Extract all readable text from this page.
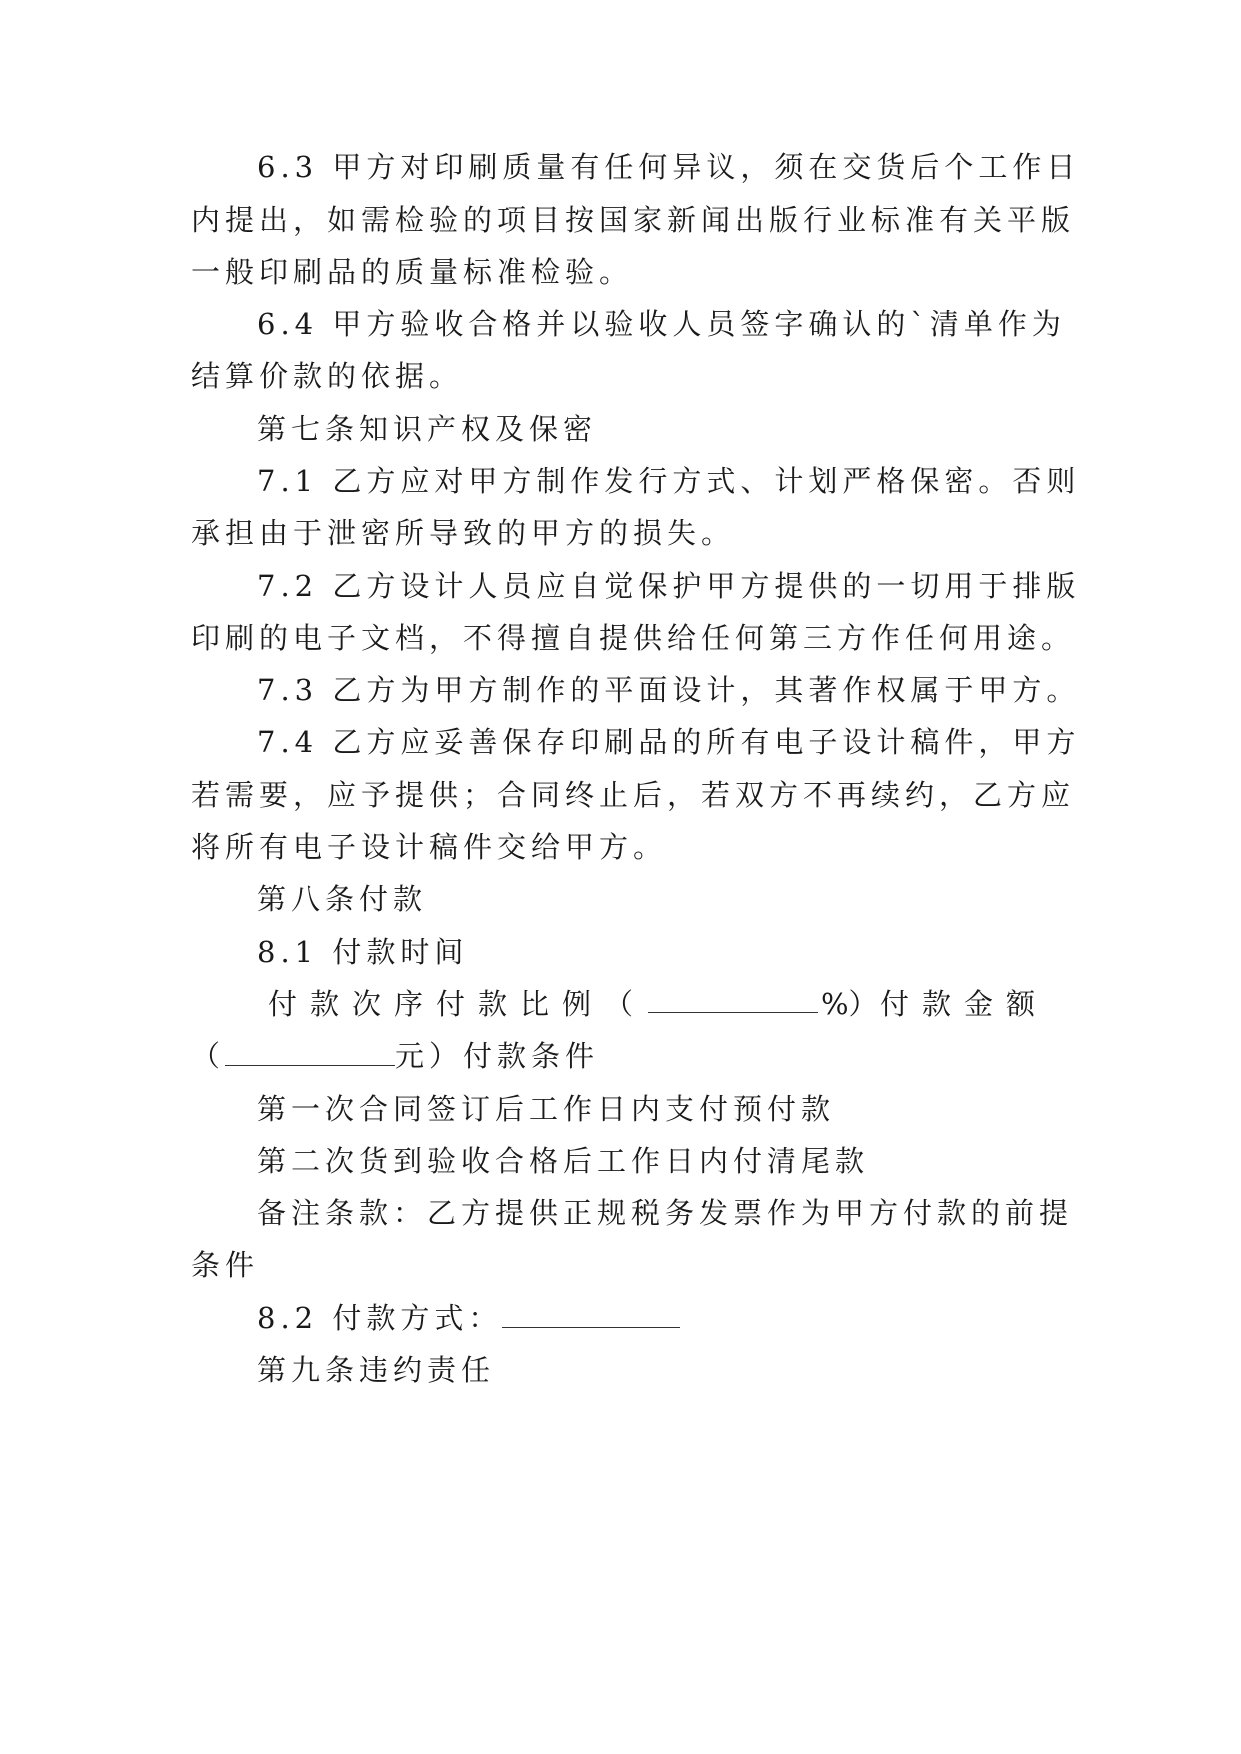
6.3 甲方对印刷质量有任何异议，须在交货后个工作日
内提出，如需检验的项目按国家新闻出版行业标准有关平版
一般印刷品的质量标准检验。
6.4 甲方验收合格并以验收人员签字确认的`清单作为
结算价款的依据。
第七条知识产权及保密
7.1 乙方应对甲方制作发行方式、计划严格保密。否则
承担由于泄密所导致的甲方的损失。
7.2 乙方设计人员应自觉保护甲方提供的一切用于排版
印刷的电子文档，不得擅自提供给任何第三方作任何用途。
7.3 乙方为甲方制作的平面设计，其著作权属于甲方。
7.4 乙方应妥善保存印刷品的所有电子设计稿件，甲方
若需要，应予提供；合同终止后，若双方不再续约，乙方应
将所有电子设计稿件交给甲方。
第八条付款
8.1 付款时间
付款次序付款比例（	%） 付款金额
（	元）付款条件
第一次合同签订后工作日内支付预付款
第二次货到验收合格后工作日内付清尾款
备注条款：乙方提供正规税务发票作为甲方付款的前提
条件
8.2 付款方式：
第九条违约责任
